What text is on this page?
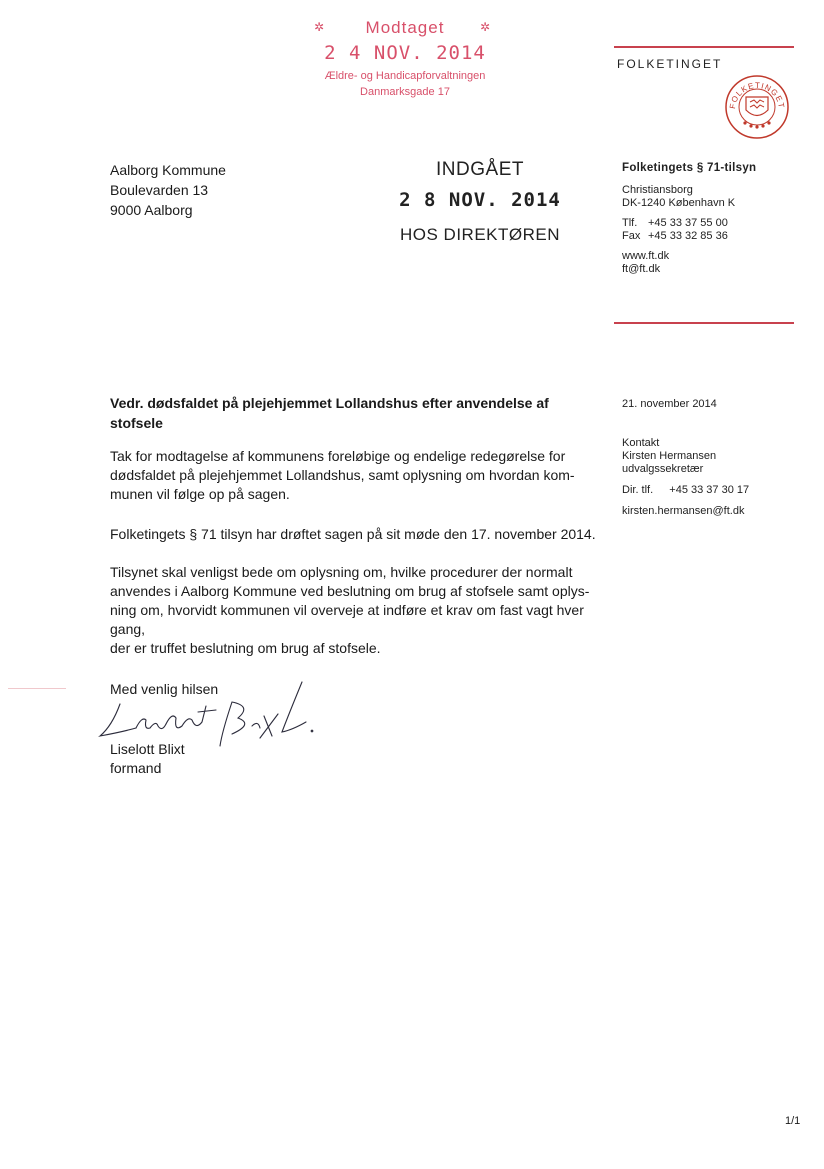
✲	✲
Modtaget
2 4 NOV. 2014
Ældre- og Handicapforvaltningen
Danmarksgade 17
FOLKETINGET
FOLKETINGET
Aalborg Kommune
Boulevarden 13
9000 Aalborg
INDGÅET
2 8 NOV. 2014
HOS DIREKTØREN
Folketingets § 71-tilsyn
Christiansborg
DK-1240 København K
Tlf. +45 33 37 55 00
Fax +45 33 32 85 36
www.ft.dk
ft@ft.dk
21. november 2014
Kontakt
Kirsten Hermansen
udvalgssekretær
Dir. tlf. +45 33 37 30 17
kirsten.hermansen@ft.dk
Vedr. dødsfaldet på plejehjemmet Lollandshus efter anvendelse af
stofsele
Tak for modtagelse af kommunens foreløbige og endelige redegørelse for
dødsfaldet på plejehjemmet Lollandshus, samt oplysning om hvordan kom-
munen vil følge op på sagen.
Folketingets § 71 tilsyn har drøftet sagen på sit møde den 17. november 2014.
Tilsynet skal venligst bede om oplysning om, hvilke procedurer der normalt
anvendes i Aalborg Kommune ved beslutning om brug af stofsele samt oplys-
ning om, hvorvidt kommunen vil overveje at indføre et krav om fast vagt hver gang,
der er truffet beslutning om brug af stofsele.
Med venlig hilsen
Liselott Blixt
formand
1/1
